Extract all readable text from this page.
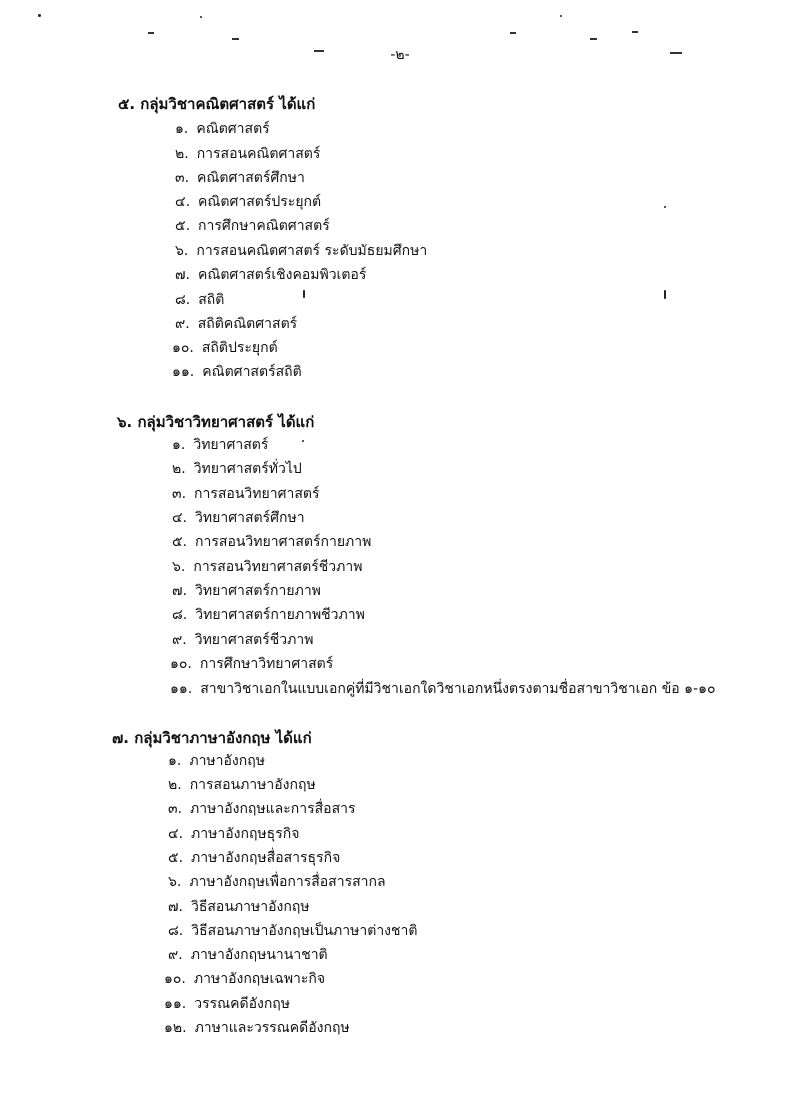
-๒-
๕. กลุ่มวิชาคณิตศาสตร์ ได้แก่
๑. คณิตศาสตร์
๒. การสอนคณิตศาสตร์
๓. คณิตศาสตร์ศึกษา
๔. คณิตศาสตร์ประยุกต์
๕. การศึกษาคณิตศาสตร์
๖. การสอนคณิตศาสตร์ ระดับมัธยมศึกษา
๗. คณิตศาสตร์เชิงคอมพิวเตอร์
๘. สถิติ
๙. สถิติคณิตศาสตร์
๑๐. สถิติประยุกต์
๑๑. คณิตศาสตร์สถิติ
๖. กลุ่มวิชาวิทยาศาสตร์ ได้แก่
๑. วิทยาศาสตร์
๒. วิทยาศาสตร์ทั่วไป
๓. การสอนวิทยาศาสตร์
๔. วิทยาศาสตร์ศึกษา
๕. การสอนวิทยาศาสตร์กายภาพ
๖. การสอนวิทยาศาสตร์ชีวภาพ
๗. วิทยาศาสตร์กายภาพ
๘. วิทยาศาสตร์กายภาพชีวภาพ
๙. วิทยาศาสตร์ชีวภาพ
๑๐. การศึกษาวิทยาศาสตร์
๑๑. สาขาวิชาเอกในแบบเอกคู่ที่มีวิชาเอกใดวิชาเอกหนึ่งตรงตามชื่อสาขาวิชาเอก ข้อ ๑-๑๐
๗. กลุ่มวิชาภาษาอังกฤษ ได้แก่
๑. ภาษาอังกฤษ
๒. การสอนภาษาอังกฤษ
๓. ภาษาอังกฤษและการสื่อสาร
๔. ภาษาอังกฤษธุรกิจ
๕. ภาษาอังกฤษสื่อสารธุรกิจ
๖. ภาษาอังกฤษเพื่อการสื่อสารสากล
๗. วิธีสอนภาษาอังกฤษ
๘. วิธีสอนภาษาอังกฤษเป็นภาษาต่างชาติ
๙. ภาษาอังกฤษนานาชาติ
๑๐. ภาษาอังกฤษเฉพาะกิจ
๑๑. วรรณคดีอังกฤษ
๑๒. ภาษาและวรรณคดีอังกฤษ
